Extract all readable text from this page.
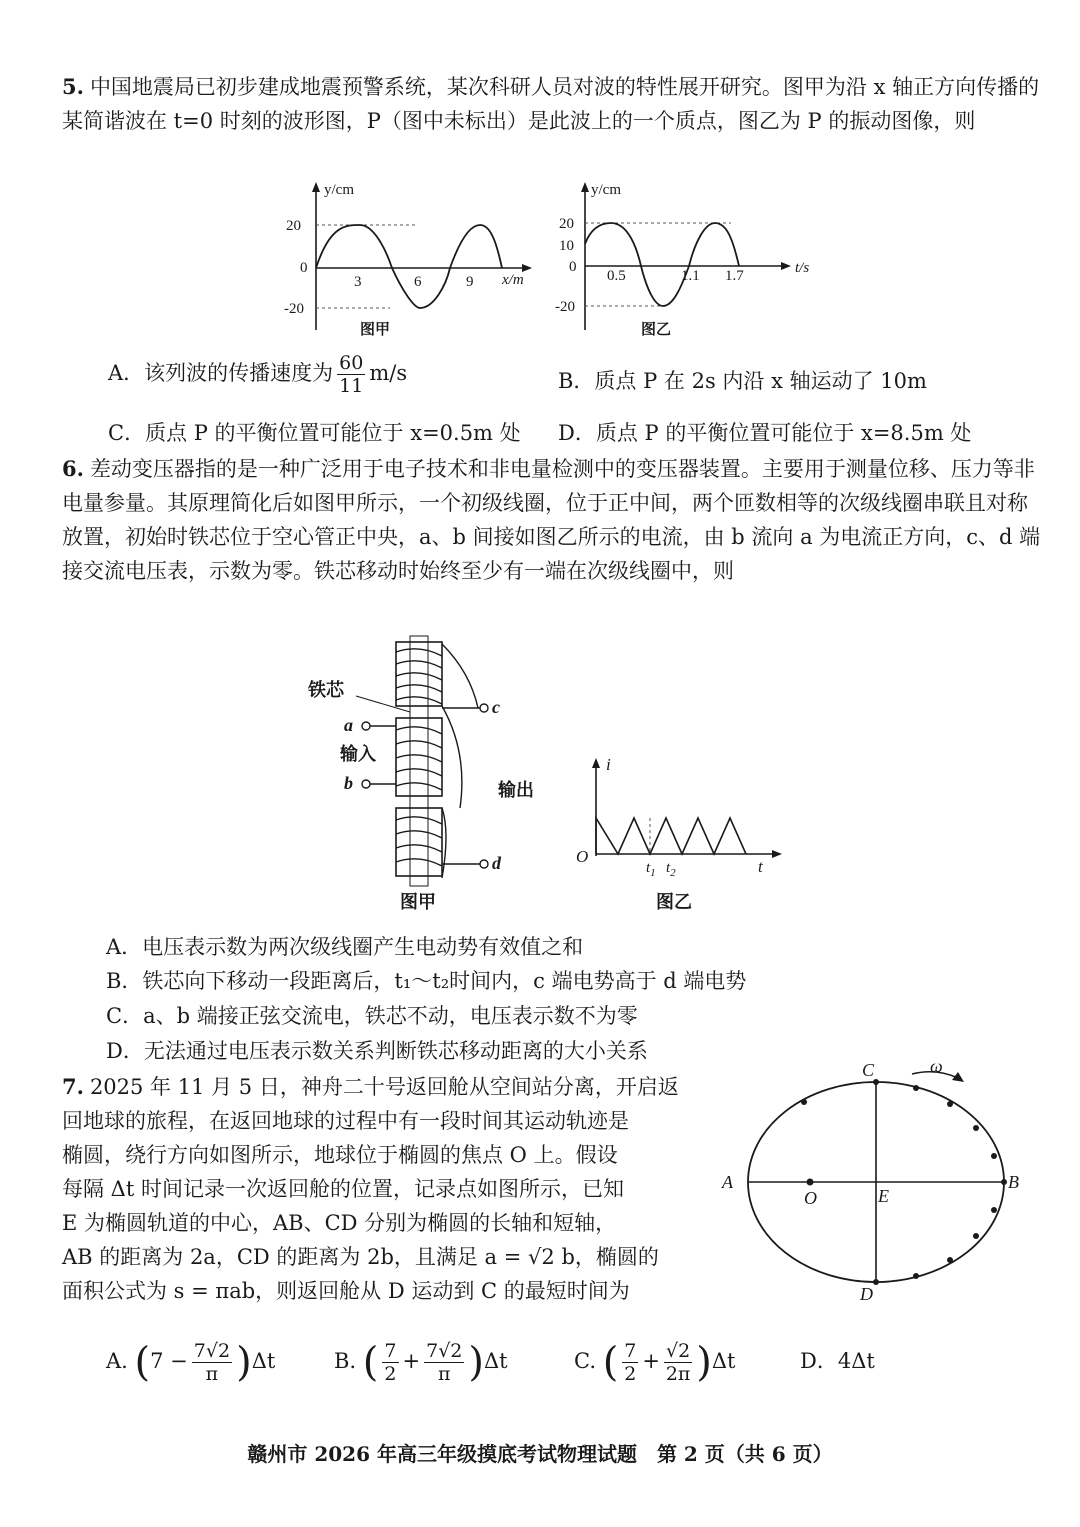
5. 中国地震局已初步建成地震预警系统，某次科研人员对波的特性展开研究。图甲为沿 x 轴正方向传播的某简谐波在 t=0 时刻的波形图，P（图中未标出）是此波上的一个质点，图乙为 P 的振动图像，则

y/cm
20
0
-20
3	6	9 x/m
图甲
y/cm
20
10
0
-20
0.5	1.1 1.7	t/s
图乙
A．该列波的传播速度为 $\frac{60}{11} m/s$	B．质点 P 在 2s 内沿 x 轴运动了 10m
C．质点 P 的平衡位置可能位于 x=0.5m 处 D．质点 P 的平衡位置可能位于 x=8.5m 处

6. 差动变压器指的是一种广泛用于电子技术和非电量检测中的变压器装置。主要用于测量位移、压力等非电量参量。其原理简化后如图甲所示，一个初级线圈，位于正中间，两个匝数相等的次级线圈串联且对称放置，初始时铁芯位于空心管正中央，a、b 间接如图乙所示的电流，由 b 流向 a 为电流正方向，c、d 端接交流电压表，示数为零。铁芯移动时始终至少有一端在次级线圈中，则

铁芯
a
输入
b
c
d
图甲
输出
i
O
$t_1$ $t_2$	t
图乙
A．电压表示数为两次级线圈产生电动势有效值之和
B．铁芯向下移动一段距离后，t₁～t₂时间内，c 端电势高于 d 端电势
C．a、b 端接正弦交流电，铁芯不动，电压表示数不为零
D．无法通过电压表示数关系判断铁芯移动距离的大小关系

7. 2025 年 11 月 5 日，神舟二十号返回舱从空间站分离，开启返

回地球的旅程，在返回地球的过程中有一段时间其运动轨迹是

椭圆，绕行方向如图所示，地球位于椭圆的焦点 O 上。假设

每隔 Δt 时间记录一次返回舱的位置，记录点如图所示，已知

E 为椭圆轨道的中心，AB、CD 分别为椭圆的长轴和短轴，

AB 的距离为 2a，CD 的距离为 2b，且满足 a = √2 b，椭圆的

面积公式为 s = πab，则返回舱从 D 运动到 C 的最短时间为

C	ω
A	B
O	E
D
A. $(7 - \frac{7√2}{\pi} )\Delta t$	B. ( $\frac{7}{2} + \frac{7√2}{\pi} )\Delta t$	C. ( $\frac{7}{2} + \frac{√2}{2\pi} )\Delta t$	D．4Δt
赣州市 2026 年高三年级摸底考试物理试题　第 2 页（共 6 页）
